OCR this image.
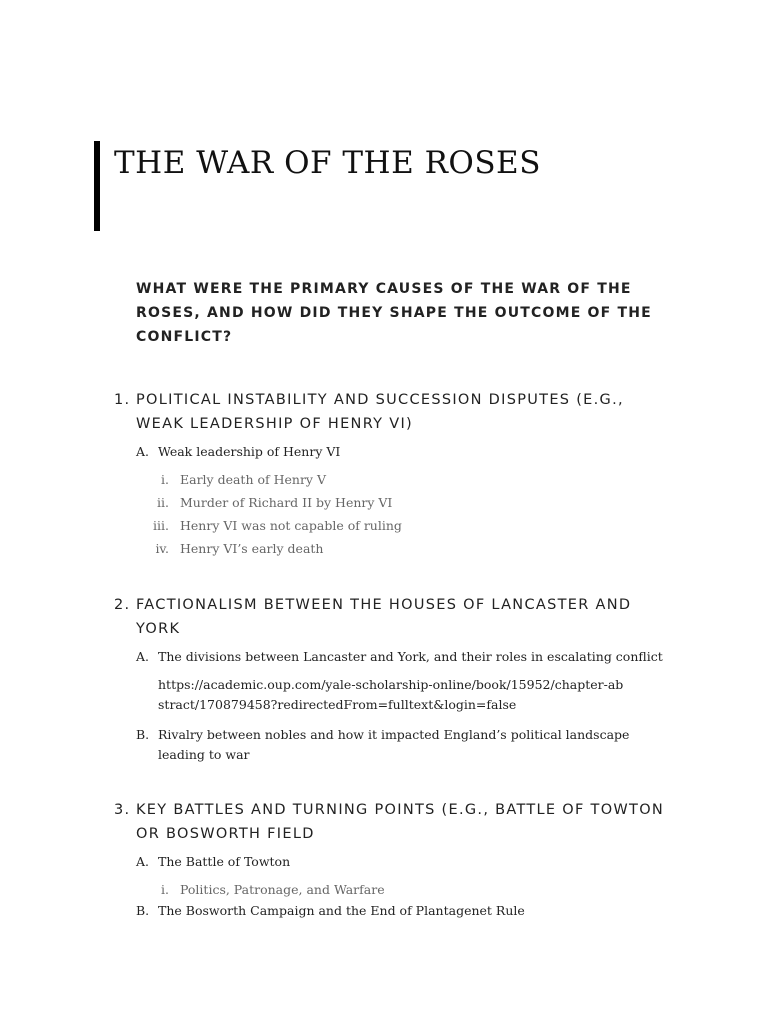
THE WAR OF THE ROSES
WHAT WERE THE PRIMARY CAUSES OF THE WAR OF THE ROSES, AND HOW DID THEY SHAPE THE OUTCOME OF THE CONFLICT?
1. POLITICAL INSTABILITY AND SUCCESSION DISPUTES (E.G., WEAK LEADERSHIP OF HENRY VI)
A. Weak leadership of Henry VI
i. Early death of Henry V
ii. Murder of Richard II by Henry VI
iii. Henry VI was not capable of ruling
iv. Henry VI’s early death
2. FACTIONALISM BETWEEN THE HOUSES OF LANCASTER AND YORK
A. The divisions between Lancaster and York, and their roles in escalating conflict
https://academic.oup.com/yale-scholarship-online/book/15952/chapter-abstract/170879458?redirectedFrom=fulltext&login=false
B. Rivalry between nobles and how it impacted England’s political landscape leading to war
3. KEY BATTLES AND TURNING POINTS (E.G., BATTLE OF TOWTON OR BOSWORTH FIELD
A. The Battle of Towton
i. Politics, Patronage, and Warfare
B. The Bosworth Campaign and the End of Plantagenet Rule
